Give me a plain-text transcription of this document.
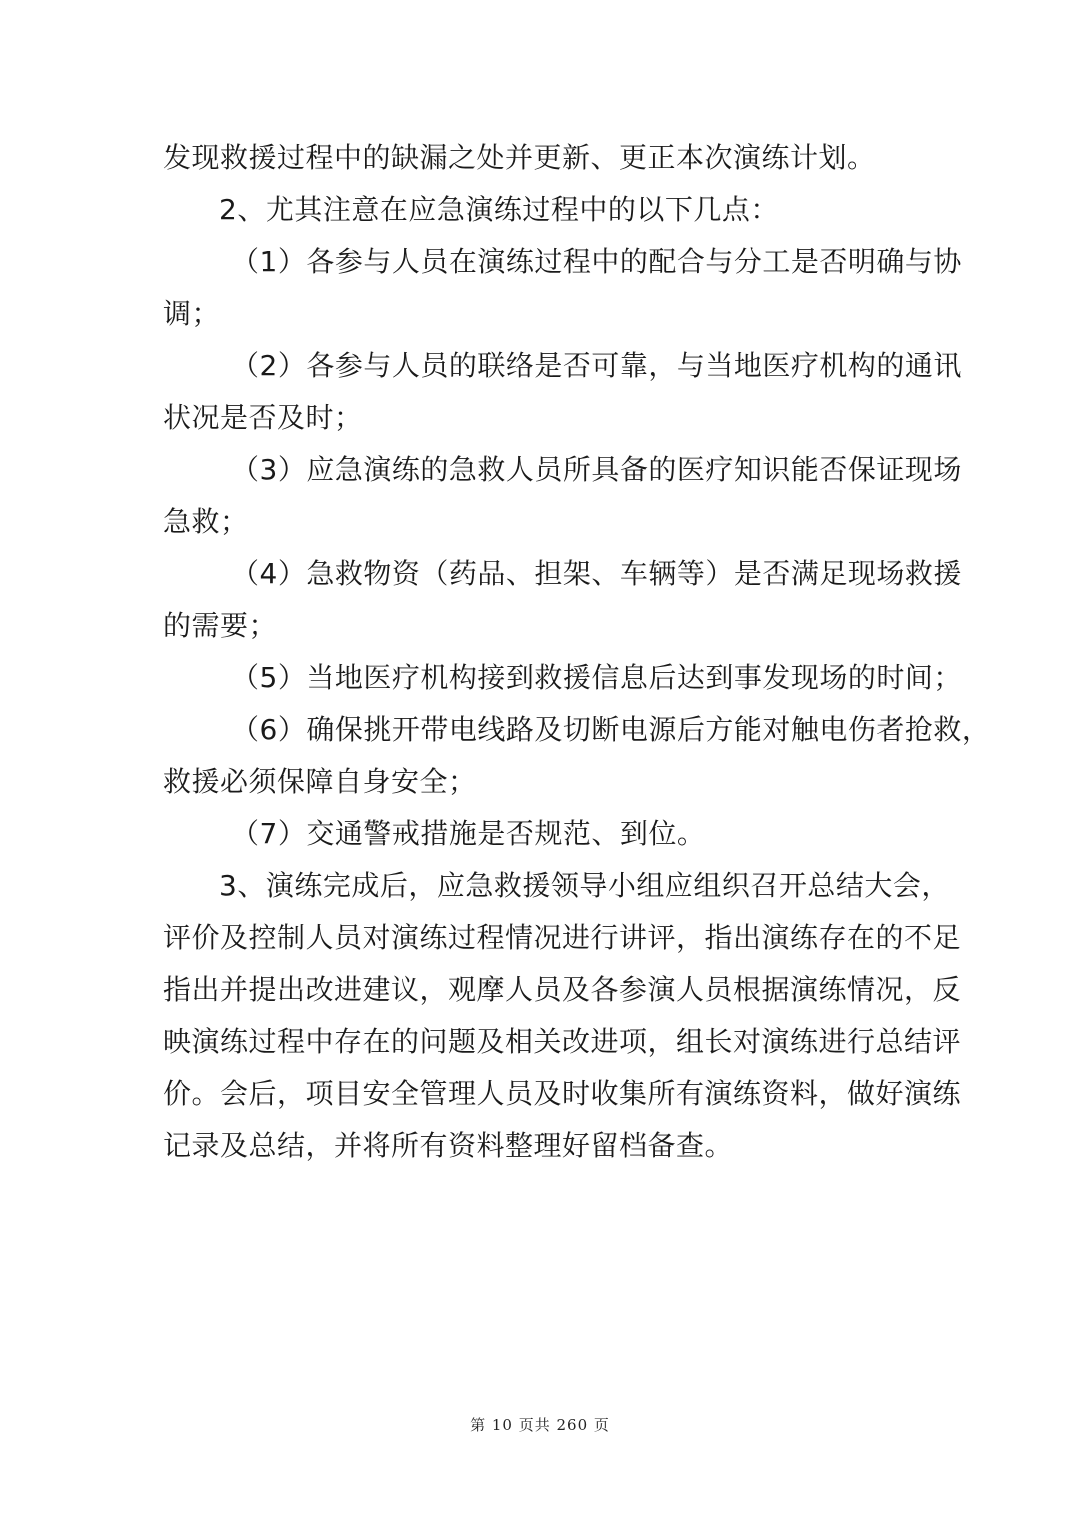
发现救援过程中的缺漏之处并更新、更正本次演练计划。

2、尤其注意在应急演练过程中的以下几点：

（1）各参与人员在演练过程中的配合与分工是否明确与协

调；

（2）各参与人员的联络是否可靠，与当地医疗机构的通讯

状况是否及时；

（3）应急演练的急救人员所具备的医疗知识能否保证现场

急救；

（4）急救物资（药品、担架、车辆等）是否满足现场救援

的需要；

（5）当地医疗机构接到救援信息后达到事发现场的时间；

（6）确保挑开带电线路及切断电源后方能对触电伤者抢救，

救援必须保障自身安全；

（7）交通警戒措施是否规范、到位。

3、演练完成后，应急救援领导小组应组织召开总结大会，

评价及控制人员对演练过程情况进行讲评，指出演练存在的不足

指出并提出改进建议，观摩人员及各参演人员根据演练情况，反

映演练过程中存在的问题及相关改进项，组长对演练进行总结评

价。会后，项目安全管理人员及时收集所有演练资料，做好演练

记录及总结，并将所有资料整理好留档备查。

第 10 页共 260 页
